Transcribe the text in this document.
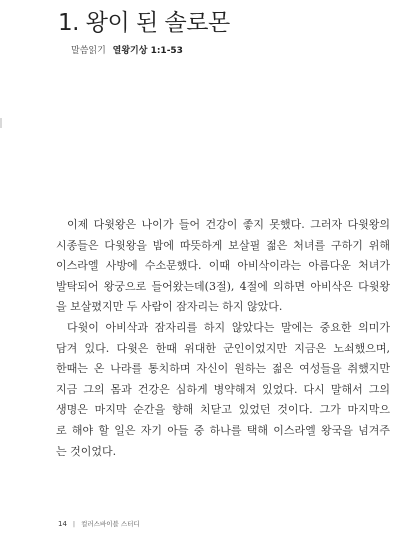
1. 왕이 된 솔로몬
말씀읽기 열왕기상 1:1-53
이제 다윗왕은 나이가 들어 건강이 좋지 못했다. 그러자 다윗왕의
시종들은 다윗왕을 밤에 따뜻하게 보살필 젊은 처녀를 구하기 위해
이스라엘 사방에 수소문했다. 이때 아비삭이라는 아름다운 처녀가
발탁되어 왕궁으로 들어왔는데(3절), 4절에 의하면 아비삭은 다윗왕
을 보살폈지만 두 사람이 잠자리는 하지 않았다.
다윗이 아비삭과 잠자리를 하지 않았다는 말에는 중요한 의미가
담겨 있다. 다윗은 한때 위대한 군인이었지만 지금은 노쇠했으며,
한때는 온 나라를 통치하며 자신이 원하는 젊은 여성들을 취했지만
지금 그의 몸과 건강은 심하게 병약해져 있었다. 다시 말해서 그의
생명은 마지막 순간을 향해 치닫고 있었던 것이다. 그가 마지막으
로 해야 할 일은 자기 아들 중 하나를 택해 이스라엘 왕국을 넘겨주
는 것이었다.
14 | 컬러스바이블 스터디
